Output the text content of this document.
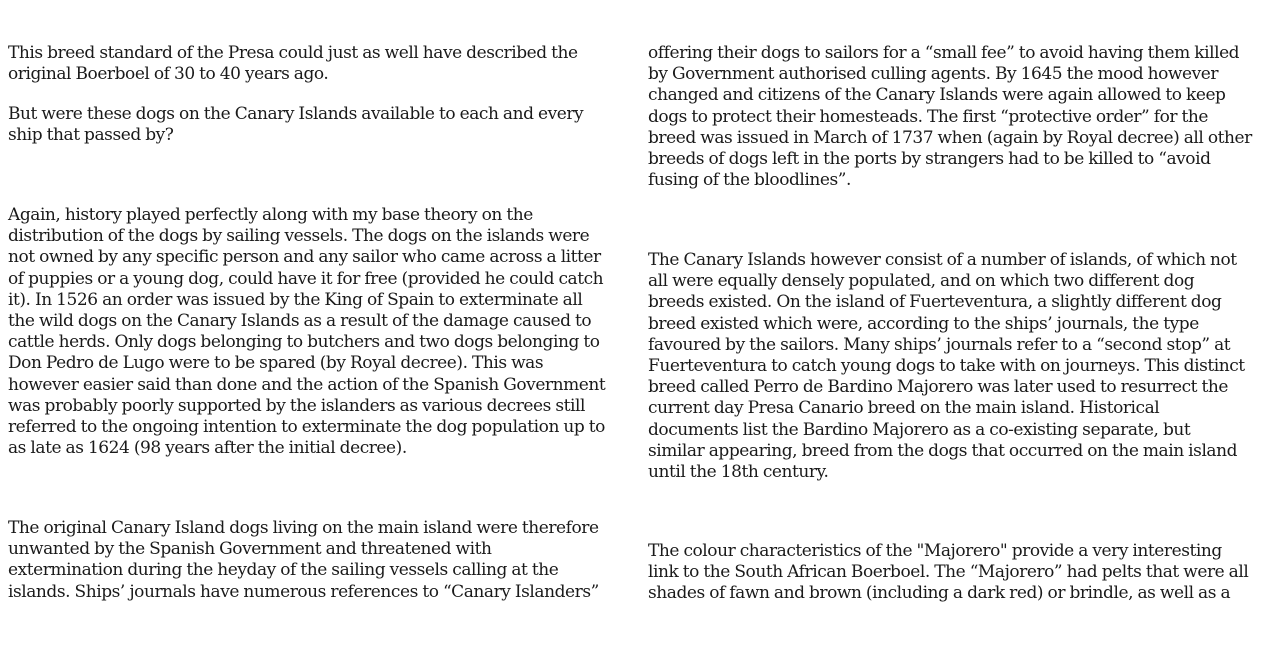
This breed standard of the Presa could just as well have described the
original Boerboel of 30 to 40 years ago.

But were these dogs on the Canary Islands available to each and every
ship that passed by?

Again, history played perfectly along with my base theory on the
distribution of the dogs by sailing vessels. The dogs on the islands were
not owned by any specific person and any sailor who came across a litter
of puppies or a young dog, could have it for free (provided he could catch
it). In 1526 an order was issued by the King of Spain to exterminate all
the wild dogs on the Canary Islands as a result of the damage caused to
cattle herds. Only dogs belonging to butchers and two dogs belonging to
Don Pedro de Lugo were to be spared (by Royal decree). This was
however easier said than done and the action of the Spanish Government
was probably poorly supported by the islanders as various decrees still
referred to the ongoing intention to exterminate the dog population up to
as late as 1624 (98 years after the initial decree).

The original Canary Island dogs living on the main island were therefore
unwanted by the Spanish Government and threatened with
extermination during the heyday of the sailing vessels calling at the
islands. Ships’ journals have numerous references to “Canary Islanders”

offering their dogs to sailors for a “small fee” to avoid having them killed
by Government authorised culling agents. By 1645 the mood however
changed and citizens of the Canary Islands were again allowed to keep
dogs to protect their homesteads. The first “protective order” for the
breed was issued in March of 1737 when (again by Royal decree) all other
breeds of dogs left in the ports by strangers had to be killed to “avoid
fusing of the bloodlines”.

The Canary Islands however consist of a number of islands, of which not
all were equally densely populated, and on which two different dog
breeds existed. On the island of Fuerteventura, a slightly different dog
breed existed which were, according to the ships’ journals, the type
favoured by the sailors. Many ships’ journals refer to a “second stop” at
Fuerteventura to catch young dogs to take with on journeys. This distinct
breed called Perro de Bardino Majorero was later used to resurrect the
current day Presa Canario breed on the main island. Historical
documents list the Bardino Majorero as a co-existing separate, but
similar appearing, breed from the dogs that occurred on the main island
until the 18th century.

The colour characteristics of the "Majorero" provide a very interesting
link to the South African Boerboel. The “Majorero” had pelts that were all
shades of fawn and brown (including a dark red) or brindle, as well as a
